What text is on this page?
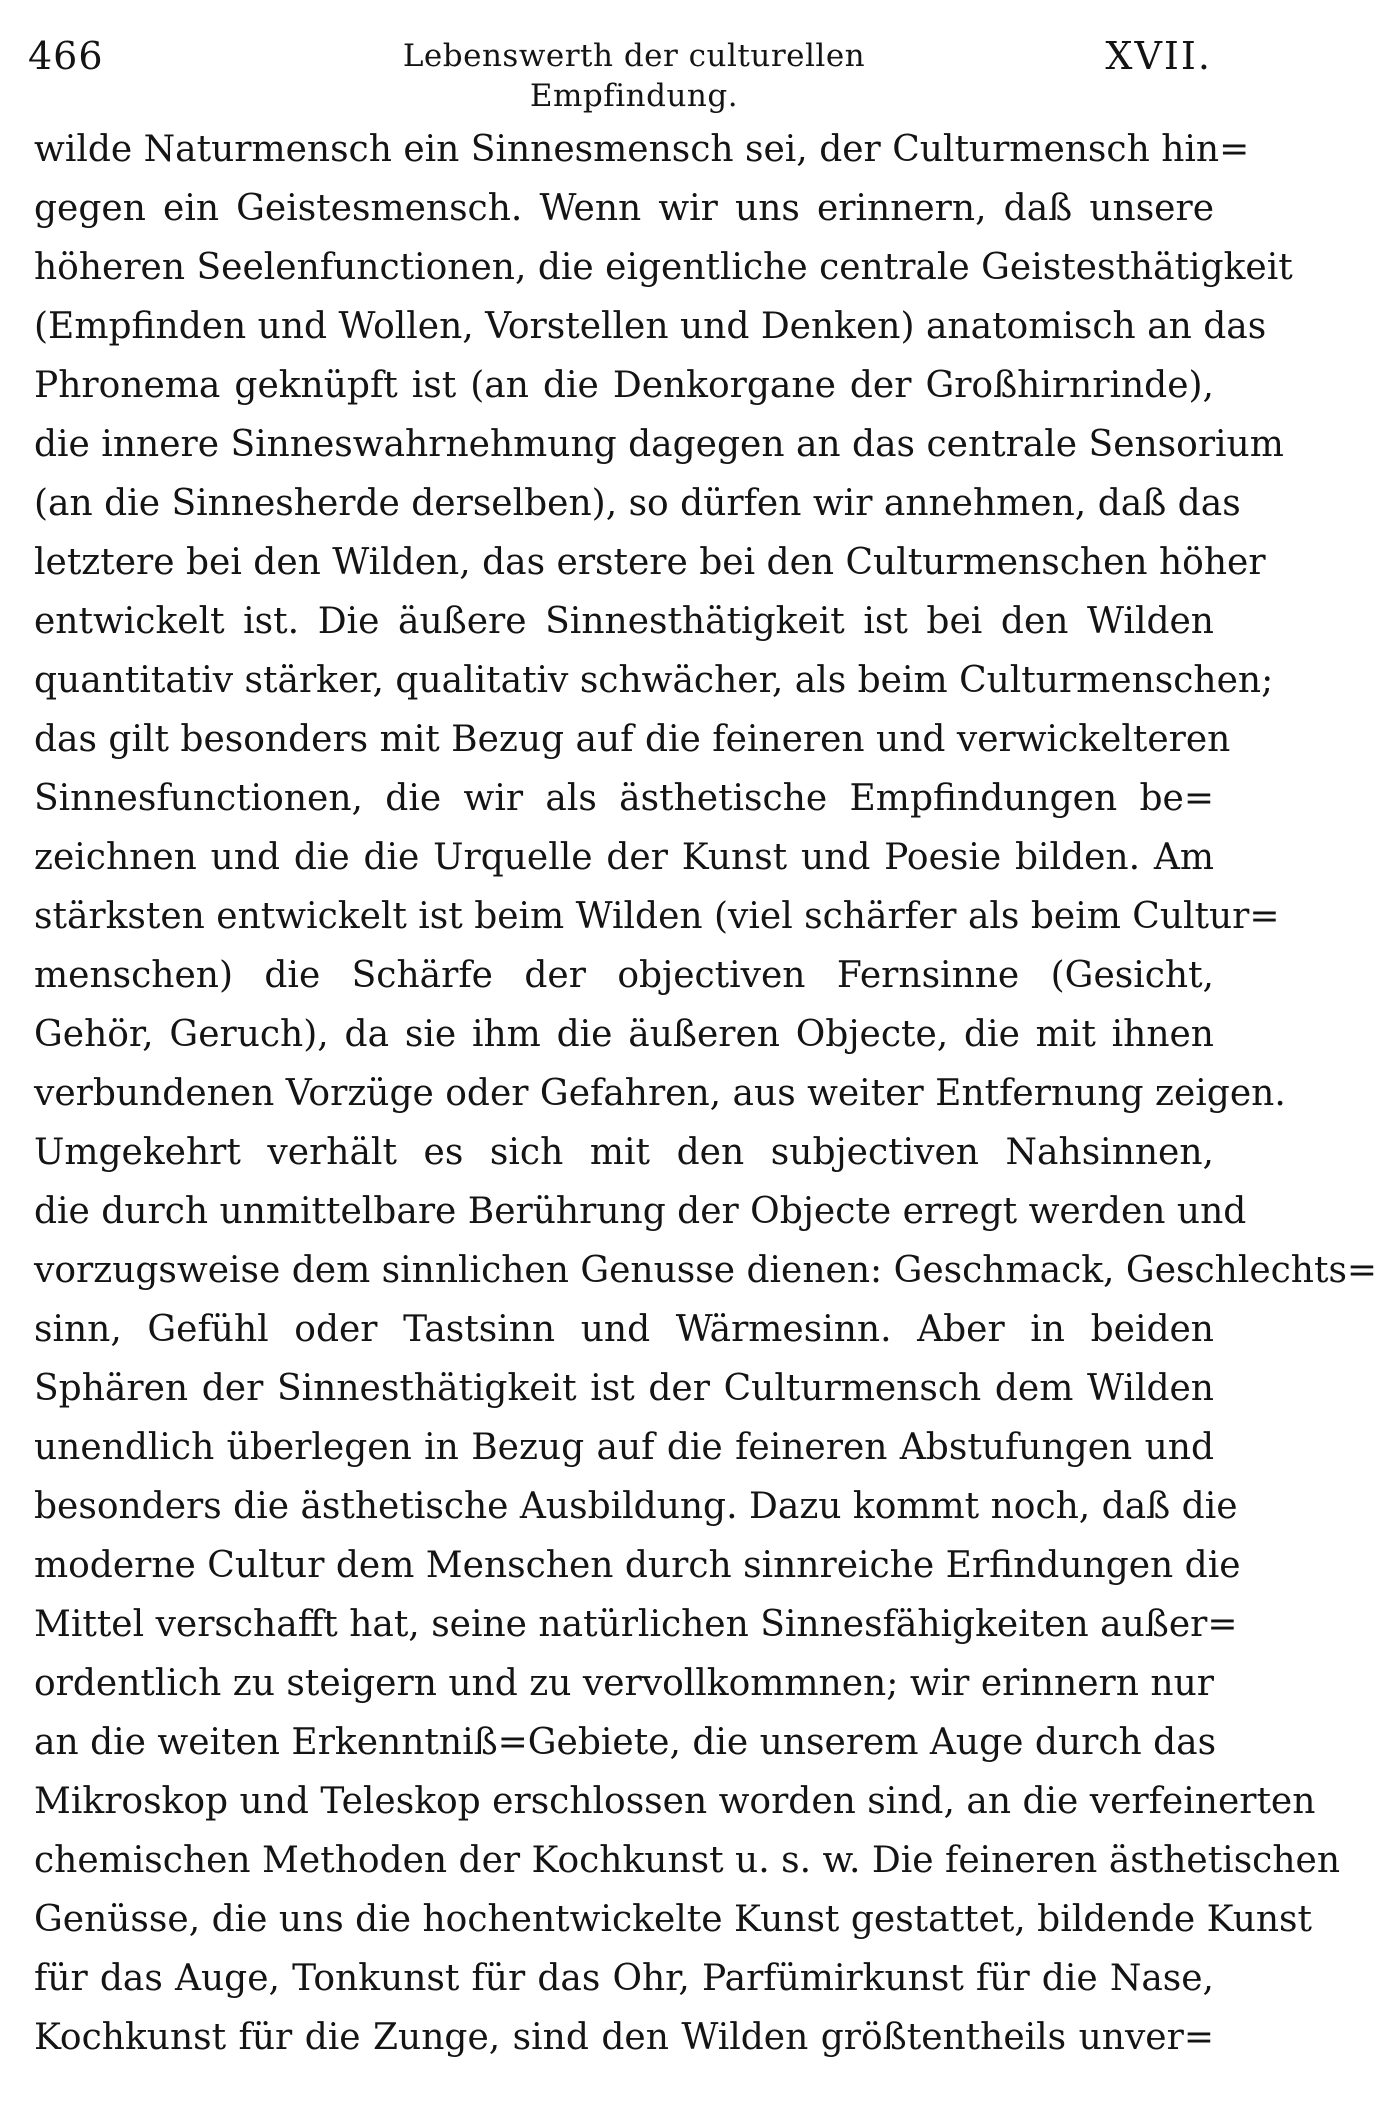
466	Lebenswerth der culturellen Empfindung.
XVII.
wilde Naturmensch ein Sinnesmensch sei, der Culturmensch hin=
gegen ein Geistesmensch. Wenn wir uns erinnern, daß unsere
höheren Seelenfunctionen, die eigentliche centrale Geistesthätigkeit
(Empfinden und Wollen, Vorstellen und Denken) anatomisch an das
Phronema geknüpft ist (an die Denkorgane der Großhirnrinde),
die innere Sinneswahrnehmung dagegen an das centrale Sensorium
(an die Sinnesherde derselben), so dürfen wir annehmen, daß das
letztere bei den Wilden, das erstere bei den Culturmenschen höher
entwickelt ist. Die äußere Sinnesthätigkeit ist bei den Wilden
quantitativ stärker, qualitativ schwächer, als beim Culturmenschen;
das gilt besonders mit Bezug auf die feineren und verwickelteren
Sinnesfunctionen, die wir als ästhetische Empfindungen be=
zeichnen und die die Urquelle der Kunst und Poesie bilden. Am
stärksten entwickelt ist beim Wilden (viel schärfer als beim Cultur=
menschen) die Schärfe der objectiven Fernsinne (Gesicht,
Gehör, Geruch), da sie ihm die äußeren Objecte, die mit ihnen
verbundenen Vorzüge oder Gefahren, aus weiter Entfernung zeigen.
Umgekehrt verhält es sich mit den subjectiven Nahsinnen,
die durch unmittelbare Berührung der Objecte erregt werden und
vorzugsweise dem sinnlichen Genusse dienen: Geschmack, Geschlechts=
sinn, Gefühl oder Tastsinn und Wärmesinn. Aber in beiden
Sphären der Sinnesthätigkeit ist der Culturmensch dem Wilden
unendlich überlegen in Bezug auf die feineren Abstufungen und
besonders die ästhetische Ausbildung. Dazu kommt noch, daß die
moderne Cultur dem Menschen durch sinnreiche Erfindungen die
Mittel verschafft hat, seine natürlichen Sinnesfähigkeiten außer=
ordentlich zu steigern und zu vervollkommnen; wir erinnern nur
an die weiten Erkenntniß=Gebiete, die unserem Auge durch das
Mikroskop und Teleskop erschlossen worden sind, an die verfeinerten
chemischen Methoden der Kochkunst u. s. w. Die feineren ästhetischen
Genüsse, die uns die hochentwickelte Kunst gestattet, bildende Kunst
für das Auge, Tonkunst für das Ohr, Parfümirkunst für die Nase,
Kochkunst für die Zunge, sind den Wilden größtentheils unver=
